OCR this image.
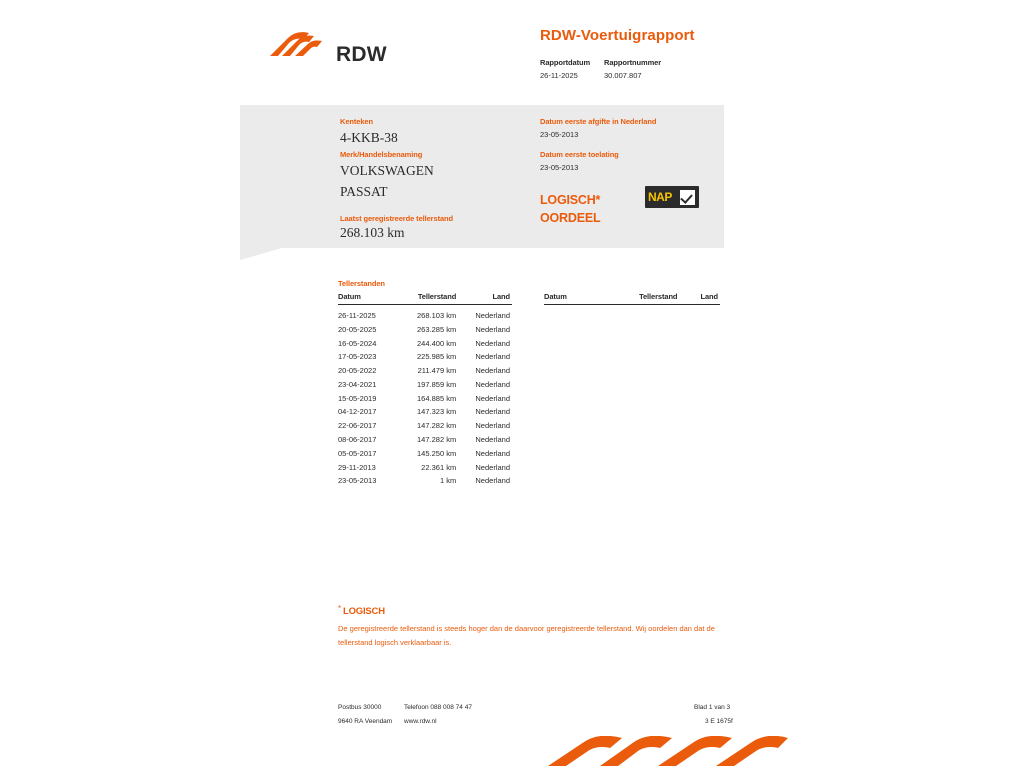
RDW
RDW-Voertuigrapport
Rapportdatum
26-11-2025
Rapportnummer
30.007.807
Kenteken
4-KKB-38
Merk/Handelsbenaming
VOLKSWAGEN
PASSAT
Laatst geregistreerde tellerstand
268.103 km
Datum eerste afgifte in Nederland
23-05-2013
Datum eerste toelating
23-05-2013
LOGISCH*
OORDEEL
NAP
Tellerstanden
Datum	Tellerstand	Land
26-11-2025	268.103 km	Nederland
20-05-2025	263.285 km	Nederland
16-05-2024	244.400 km	Nederland
17-05-2023	225.985 km	Nederland
20-05-2022	211.479 km	Nederland
23-04-2021	197.859 km	Nederland
15-05-2019	164.885 km	Nederland
04-12-2017	147.323 km	Nederland
22-06-2017	147.282 km	Nederland
08-06-2017	147.282 km	Nederland
05-05-2017	145.250 km	Nederland
29-11-2013	22.361 km	Nederland
23-05-2013	1 km	Nederland
Datum	Tellerstand	Land
* LOGISCH
De geregistreerde tellerstand is steeds hoger dan de daarvoor geregistreerde tellerstand. Wij oordelen dan dat de tellerstand logisch verklaarbaar is.
Postbus 30000
9640 RA Veendam
Telefoon 088 008 74 47
www.rdw.nl
Blad 1 van 3
3 E 1675f
